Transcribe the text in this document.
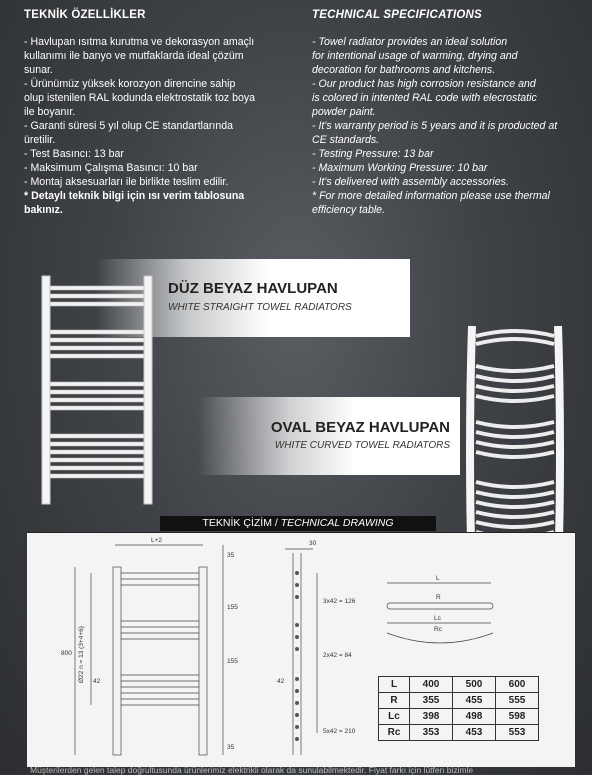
TEKNİK ÖZELLİKLER
- Havlupan ısıtma kurutma ve dekorasyon amaçlı
kullanımı ile banyo ve mutfaklarda ideal çözüm
sunar.
- Ürünümüz yüksek korozyon direncine sahip
olup istenilen RAL kodunda elektrostatik toz boya
ile boyanır.
- Garanti süresi 5 yıl olup CE standartlarında
üretilir.
- Test Basıncı: 13 bar
- Maksimum Çalışma Basıncı: 10 bar
- Montaj aksesuarları ile birlikte teslim edilir.
* Detaylı teknik bilgi için ısı verim tablosuna
bakınız.
TECHNICAL SPECIFICATIONS
- Towel radiator provides an ideal solution
for intentional usage of warming, drying and
decoration for bathrooms and kitchens.
- Our product has high corrosion resistance and
is colored in intented RAL code with elecrostatic
powder paint.
- It's warranty period is 5 years and it is producted at
CE standards.
- Testing Pressure: 13 bar
- Maximum Working Pressure: 10 bar
- It's delivered with assembly accessories.
* For more detailed information please use thermal
efficiency table.
DÜZ BEYAZ HAVLUPAN
WHITE STRAIGHT TOWEL RADIATORS
OVAL BEYAZ HAVLUPAN
WHITE CURVED TOWEL RADIATORS
TEKNİK ÇİZİM / TECHNICAL DRAWING
L+2
35
155
155
35
800 Ø22 n = 13 (3+4+6) 42
30
3x42 = 126
2x42 = 84
42
5x42 = 210
L
R
Lc
Rc
L	400	500	600
R	355	455	555
Lc	398	498	598
Rc	353	453	553
Müşterilerden gelen talep doğrultusunda ürünlerimiz elektrikli olarak da sunulabilmektedir. Fiyat farkı için lütfen bizimle
